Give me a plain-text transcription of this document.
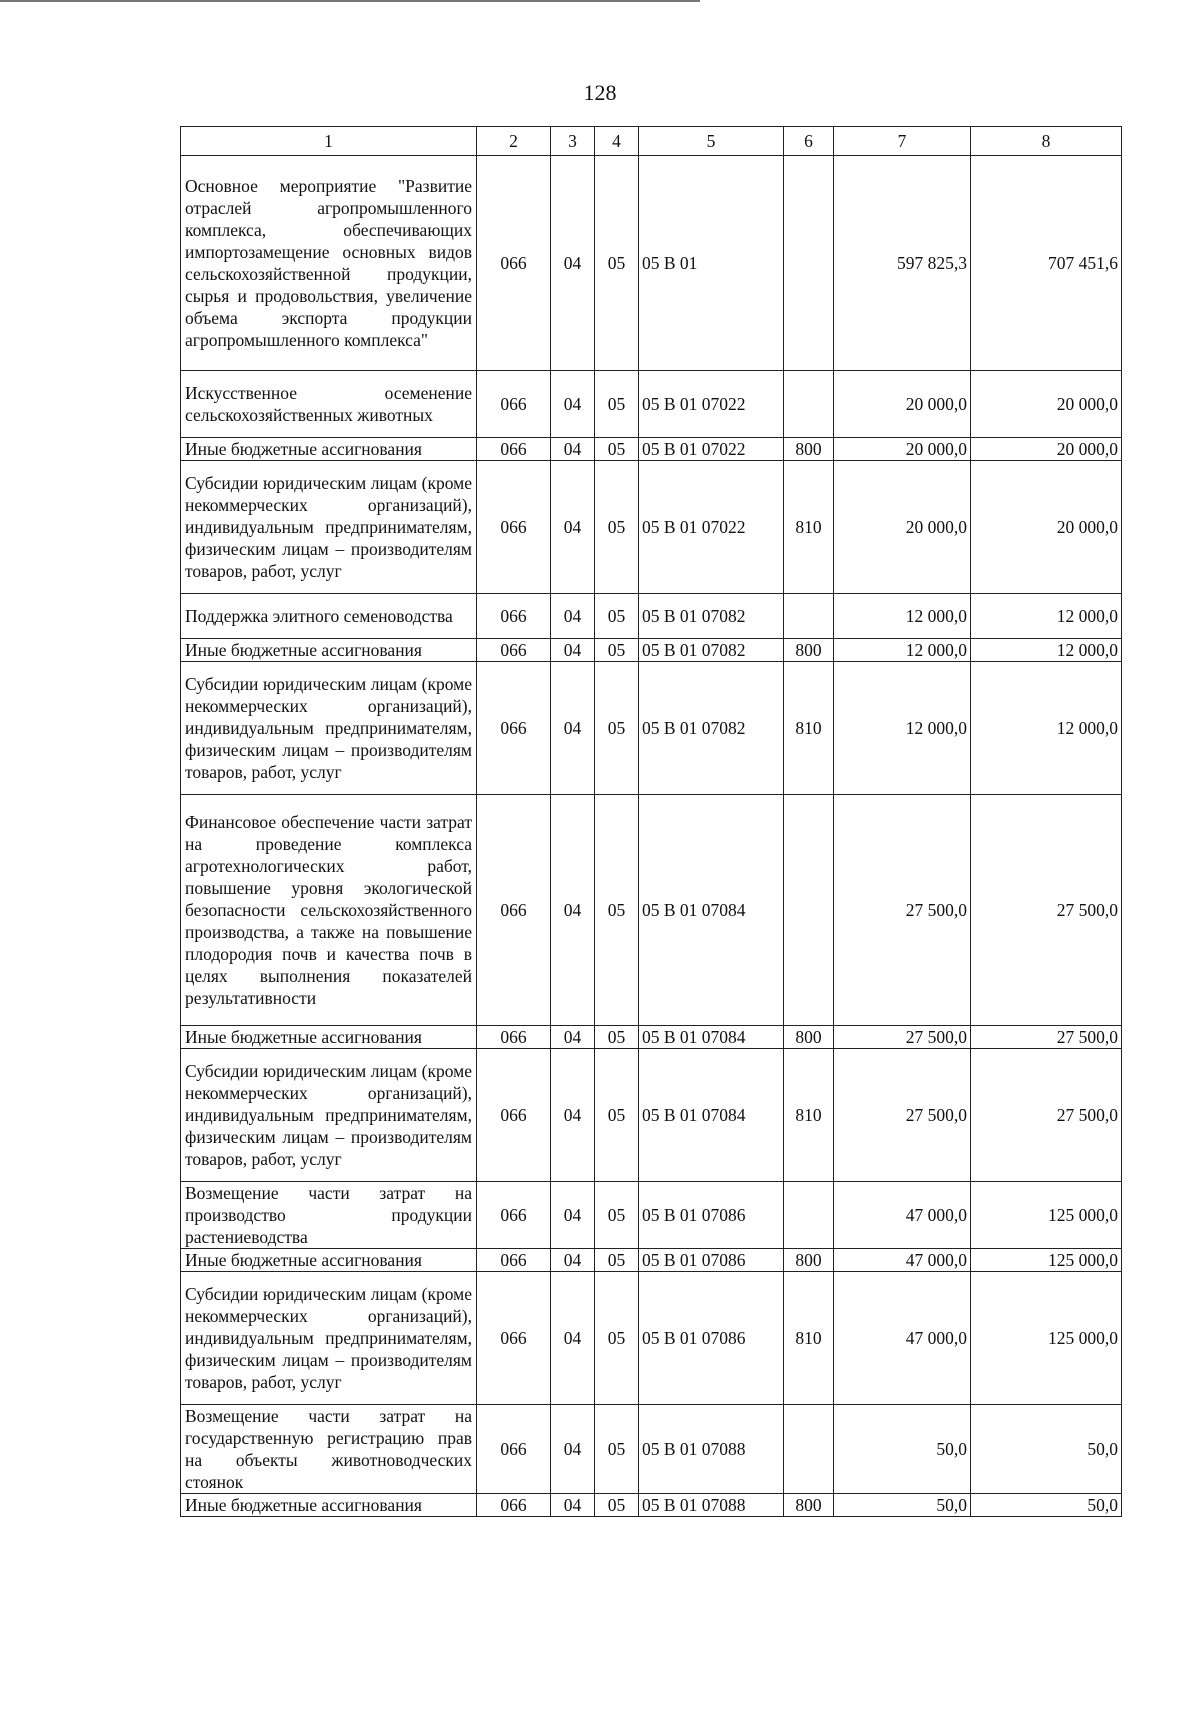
128
1	2	3	4	5	6	7	8
Основное мероприятие "Развитие отраслей агропромышленного комплекса, обеспечивающих импортозамещение основных видов сельскохозяйственной продукции, сырья и продовольствия, увеличение объема экспорта продукции агропромышленного комплекса"	066	04	05	05 В 01		597 825,3	707 451,6
Искусственное осеменение сельскохозяйственных животных	066	04	05	05 В 01 07022		20 000,0	20 000,0
Иные бюджетные ассигнования	066	04	05	05 В 01 07022	800	20 000,0	20 000,0
Субсидии юридическим лицам (кроме некоммерческих организаций), индивидуальным предпринимателям, физическим лицам – производителям товаров, работ, услуг	066	04	05	05 В 01 07022	810	20 000,0	20 000,0
Поддержка элитного семеноводства	066	04	05	05 В 01 07082		12 000,0	12 000,0
Иные бюджетные ассигнования	066	04	05	05 В 01 07082	800	12 000,0	12 000,0
Субсидии юридическим лицам (кроме некоммерческих организаций), индивидуальным предпринимателям, физическим лицам – производителям товаров, работ, услуг	066	04	05	05 В 01 07082	810	12 000,0	12 000,0
Финансовое обеспечение части затрат на проведение комплекса агротехнологических работ, повышение уровня экологической безопасности сельскохозяйственного производства, а также на повышение плодородия почв и качества почв в целях выполнения показателей результативности	066	04	05	05 В 01 07084		27 500,0	27 500,0
Иные бюджетные ассигнования	066	04	05	05 В 01 07084	800	27 500,0	27 500,0
Субсидии юридическим лицам (кроме некоммерческих организаций), индивидуальным предпринимателям, физическим лицам – производителям товаров, работ, услуг	066	04	05	05 В 01 07084	810	27 500,0	27 500,0
Возмещение части затрат на производство продукции растениеводства	066	04	05	05 В 01 07086		47 000,0	125 000,0
Иные бюджетные ассигнования	066	04	05	05 В 01 07086	800	47 000,0	125 000,0
Субсидии юридическим лицам (кроме некоммерческих организаций), индивидуальным предпринимателям, физическим лицам – производителям товаров, работ, услуг	066	04	05	05 В 01 07086	810	47 000,0	125 000,0
Возмещение части затрат на государственную регистрацию прав на объекты животноводческих стоянок	066	04	05	05 В 01 07088		50,0	50,0
Иные бюджетные ассигнования	066	04	05	05 В 01 07088	800	50,0	50,0
